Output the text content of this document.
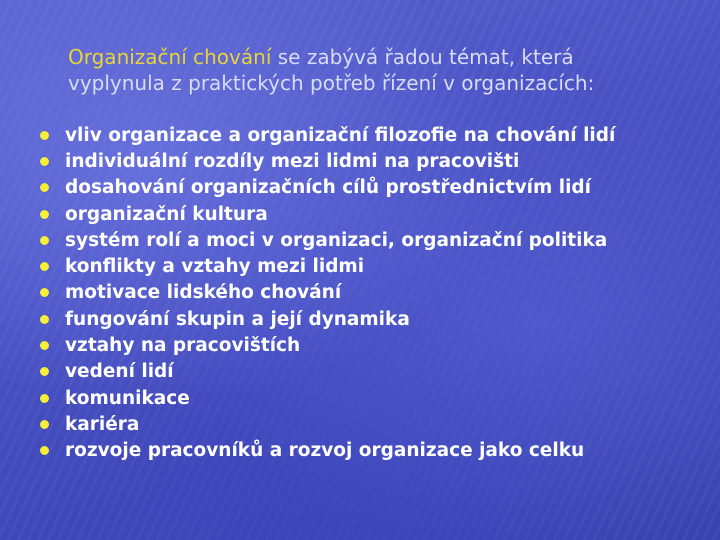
Organizační chování se zabývá řadou témat, která vyplynula z praktických potřeb řízení v organizacích:

vliv organizace a organizační filozofie na chování lidí
individuální rozdíly mezi lidmi na pracovišti
dosahování organizačních cílů prostřednictvím lidí
organizační kultura
systém rolí a moci v organizaci, organizační politika
konflikty a vztahy mezi lidmi
motivace lidského chování
fungování skupin a její dynamika
vztahy na pracovištích
vedení lidí
komunikace
kariéra
rozvoje pracovníků a rozvoj organizace jako celku
